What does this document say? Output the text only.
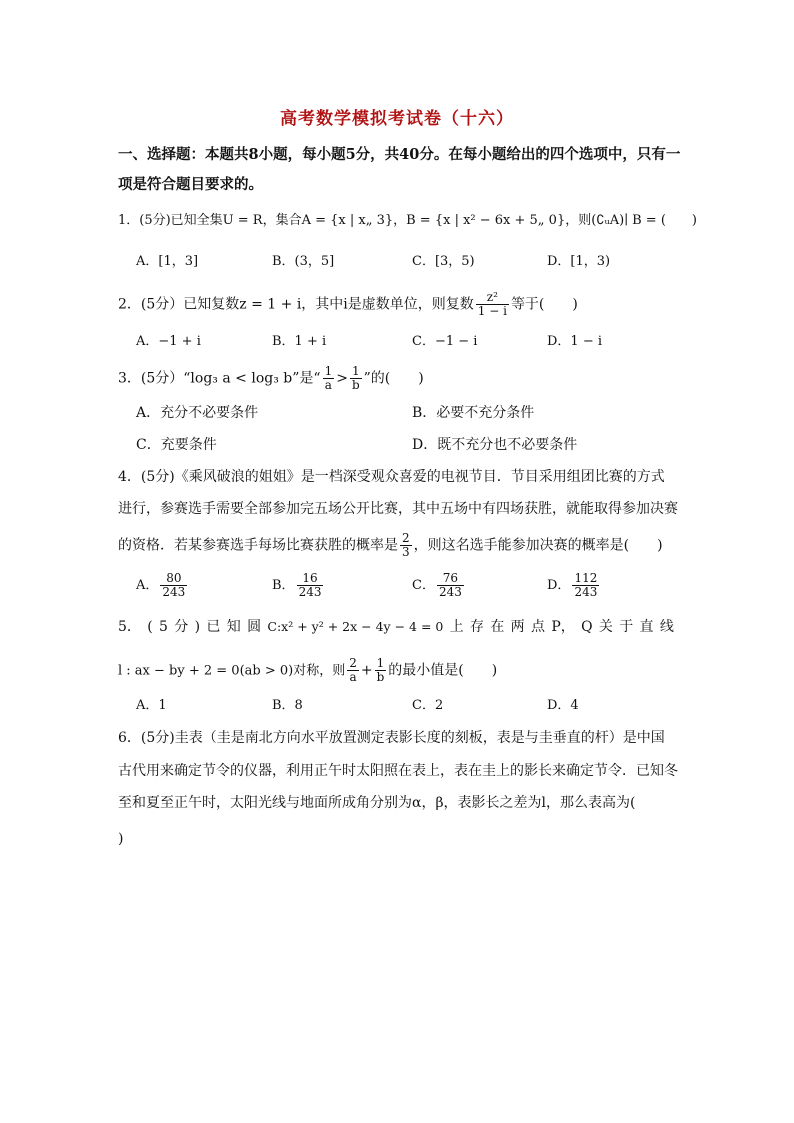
高考数学模拟考试卷（十六）
一、选择题：本题共8小题，每小题5分，共40分。在每小题给出的四个选项中，只有一
项是符合题目要求的。
1．(5分)已知全集U = R，集合A = {x | x„ 3}，B = {x | x² − 6x + 5„ 0}，则(∁ᵤA)∣ B = (　　)
A．[1，3]	B．(3，5]	C．[3，5)	D．[1，3)
2．(5分）已知复数z = 1 + i，其中i是虚数单位，则复数 $\frac{\text{z²}}{1 - i}$ 等于(　　)
A．−1 + i	B．1 + i	C．−1 − i	D．1 − i
3．(5分）“log₃ a < log₃ b”是“ $\frac{1}{a} > \frac{1}{b}$ ”的(　　)
A．充分不必要条件	B．必要不充分条件
C．充要条件	D．既不充分也不必要条件
4．(5分)《乘风破浪的姐姐》是一档深受观众喜爱的电视节目．节目采用组团比赛的方式
进行，参赛选手需要全部参加完五场公开比赛，其中五场中有四场获胜，就能取得参加决赛
的资格．若某参赛选手每场比赛获胜的概率是 $\frac{2}{3}$ ，则这名选手能参加决赛的概率是(　　)
A． $\frac{80}{243}$	B． $\frac{16}{243}$	C． $\frac{76}{243}$	D． $\frac{112}{243}$
5． ( 5 分 ) 已 知 圆 C:x² + y² + 2x − 4y − 4 = 0 上 存 在 两 点 P， Q 关 于 直 线
l : ax − by + 2 = 0(ab > 0)对称，则 $\frac{2}{a} + \frac{1}{b}$ 的最小值是(　　)
A．1	B．8	C．2	D．4
6．(5分)圭表（圭是南北方向水平放置测定表影长度的刻板，表是与圭垂直的杆）是中国
古代用来确定节令的仪器，利用正午时太阳照在表上，表在圭上的影长来确定节令．已知冬
至和夏至正午时，太阳光线与地面所成角分别为α，β，表影长之差为l，那么表高为(
)
